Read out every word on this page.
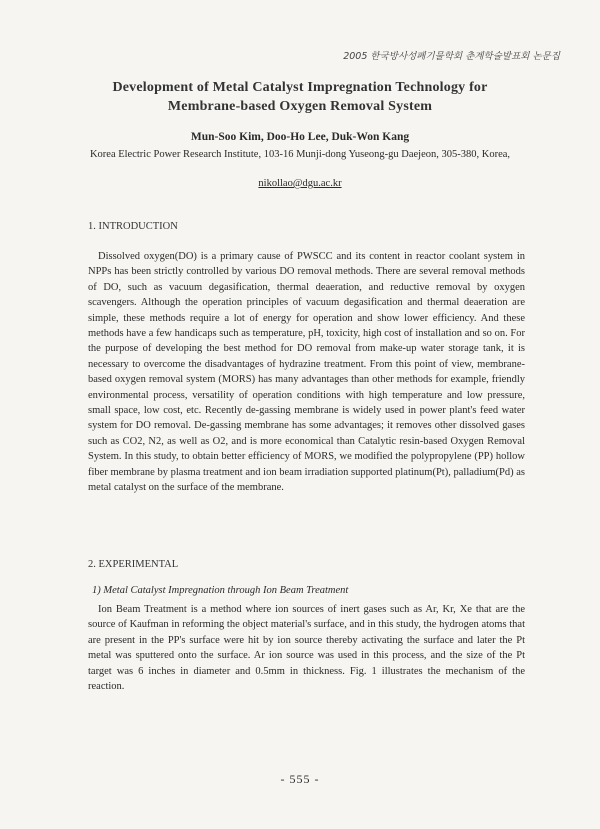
2005 한국방사성폐기물학회 춘계학술발표회 논문집
Development of Metal Catalyst Impregnation Technology for
Membrane-based Oxygen Removal System
Mun-Soo Kim, Doo-Ho Lee, Duk-Won Kang
Korea Electric Power Research Institute, 103-16 Munji-dong Yuseong-gu Daejeon, 305-380, Korea,
nikollao@dgu.ac.kr
1. INTRODUCTION

Dissolved oxygen(DO) is a primary cause of PWSCC and its content in reactor coolant system in NPPs has been strictly controlled by various DO removal methods. There are several removal methods of DO, such as vacuum degasification, thermal deaeration, and reductive removal by oxygen scavengers. Although the operation principles of vacuum degasification and thermal deaeration are simple, these methods require a lot of energy for operation and show lower efficiency. And these methods have a few handicaps such as temperature, pH, toxicity, high cost of installation and so on. For the purpose of developing the best method for DO removal from make-up water storage tank, it is necessary to overcome the disadvantages of hydrazine treatment. From this point of view, membrane-based oxygen removal system (MORS) has many advantages than other methods for example, friendly environmental process, versatility of operation conditions with high temperature and low pressure, small space, low cost, etc. Recently de-gassing membrane is widely used in power plant's feed water system for DO removal. De-gassing membrane has some advantages; it removes other dissolved gases such as CO2, N2, as well as O2, and is more economical than Catalytic resin-based Oxygen Removal System. In this study, to obtain better efficiency of MORS, we modified the polypropylene (PP) hollow fiber membrane by plasma treatment and ion beam irradiation supported platinum(Pt), palladium(Pd) as metal catalyst on the surface of the membrane.

2. EXPERIMENTAL
1) Metal Catalyst Impregnation through Ion Beam Treatment

Ion Beam Treatment is a method where ion sources of inert gases such as Ar, Kr, Xe that are the source of Kaufman in reforming the object material's surface, and in this study, the hydrogen atoms that are present in the PP's surface were hit by ion source thereby activating the surface and later the Pt metal was sputtered onto the surface. Ar ion source was used in this process, and the size of the Pt target was 6 inches in diameter and 0.5mm in thickness. Fig. 1 illustrates the mechanism of the reaction.

- 555 -
